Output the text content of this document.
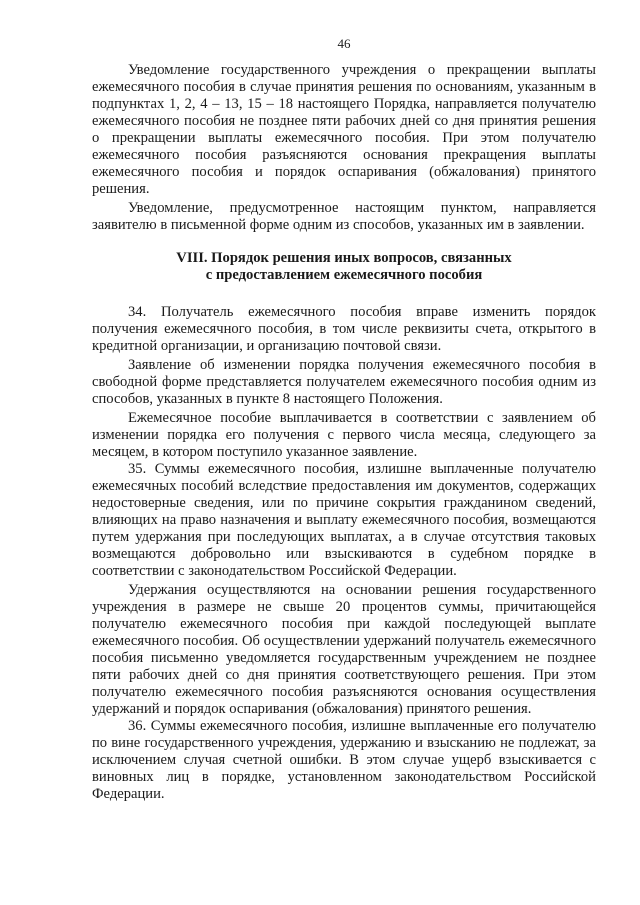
46

Уведомление государственного учреждения о прекращении выплаты ежемесячного пособия в случае принятия решения по основаниям, указанным в подпунктах 1, 2, 4 – 13, 15 – 18 настоящего Порядка, направляется получателю ежемесячного пособия не позднее пяти рабочих дней со дня принятия решения о прекращении выплаты ежемесячного пособия. При этом получателю ежемесячного пособия разъясняются основания прекращения выплаты ежемесячного пособия и порядок оспаривания (обжалования) принятого решения.

Уведомление, предусмотренное настоящим пунктом, направляется заявителю в письменной форме одним из способов, указанных им в заявлении.

VIII. Порядок решения иных вопросов, связанных
с предоставлением ежемесячного пособия

34. Получатель ежемесячного пособия вправе изменить порядок получения ежемесячного пособия, в том числе реквизиты счета, открытого в кредитной организации, и организацию почтовой связи.

Заявление об изменении порядка получения ежемесячного пособия в свободной форме представляется получателем ежемесячного пособия одним из способов, указанных в пункте 8 настоящего Положения.

Ежемесячное пособие выплачивается в соответствии с заявлением об изменении порядка его получения с первого числа месяца, следующего за месяцем, в котором поступило указанное заявление.

35. Суммы ежемесячного пособия, излишне выплаченные получателю ежемесячных пособий вследствие предоставления им документов, содержащих недостоверные сведения, или по причине сокрытия гражданином сведений, влияющих на право назначения и выплату ежемесячного пособия, возмещаются путем удержания при последующих выплатах, а в случае отсутствия таковых возмещаются добровольно или взыскиваются в судебном порядке в соответствии с законодательством Российской Федерации.

Удержания осуществляются на основании решения государственного учреждения в размере не свыше 20 процентов суммы, причитающейся получателю ежемесячного пособия при каждой последующей выплате ежемесячного пособия. Об осуществлении удержаний получатель ежемесячного пособия письменно уведомляется государственным учреждением не позднее пяти рабочих дней со дня принятия соответствующего решения. При этом получателю ежемесячного пособия разъясняются основания осуществления удержаний и порядок оспаривания (обжалования) принятого решения.

36. Суммы ежемесячного пособия, излишне выплаченные его получателю по вине государственного учреждения, удержанию и взысканию не подлежат, за исключением случая счетной ошибки. В этом случае ущерб взыскивается с виновных лиц в порядке, установленном законодательством Российской Федерации.
